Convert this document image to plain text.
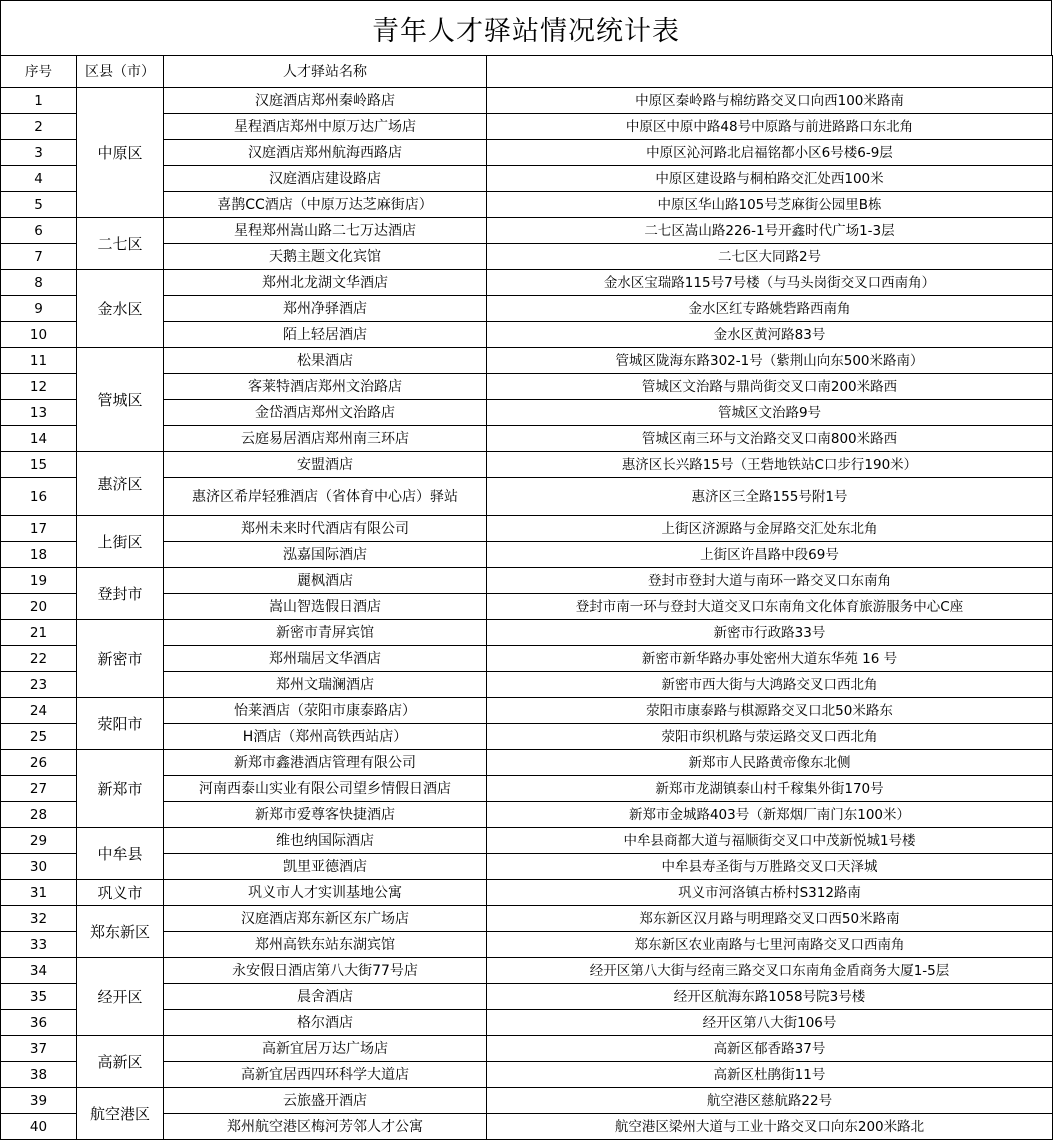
青年人才驿站情况统计表
序号	区县（市）	人才驿站名称	
1	中原区	汉庭酒店郑州秦岭路店	中原区秦岭路与棉纺路交叉口向西100米路南
2		星程酒店郑州中原万达广场店	中原区中原中路48号中原路与前进路路口东北角
3		汉庭酒店郑州航海西路店	中原区沁河路北启福铭都小区6号楼6-9层
4		汉庭酒店建设路店	中原区建设路与桐柏路交汇处西100米
5		喜鹊CC酒店（中原万达芝麻街店）	中原区华山路105号芝麻街公园里B栋
6	二七区	星程郑州嵩山路二七万达酒店	二七区嵩山路226-1号开鑫时代广场1-3层
7		天鹅主题文化宾馆	二七区大同路2号
8	金水区	郑州北龙湖文华酒店	金水区宝瑞路115号7号楼（与马头岗街交叉口西南角）
9		郑州净驿酒店	金水区红专路姚砦路西南角
10		陌上轻居酒店	金水区黄河路83号
11	管城区	松果酒店	管城区陇海东路302-1号（紫荆山向东500米路南）
12		客莱特酒店郑州文治路店	管城区文治路与鼎尚街交叉口南200米路西
13		金岱酒店郑州文治路店	管城区文治路9号
14		云庭易居酒店郑州南三环店	管城区南三环与文治路交叉口南800米路西
15	惠济区	安盟酒店	惠济区长兴路15号（王砦地铁站C口步行190米）
16		惠济区希岸轻雅酒店（省体育中心店）驿站	惠济区三全路155号附1号
17	上街区	郑州未来时代酒店有限公司	上街区济源路与金屏路交汇处东北角
18		泓嘉国际酒店	上街区许昌路中段69号
19	登封市	麗枫酒店	登封市登封大道与南环一路交叉口东南角
20		嵩山智选假日酒店	登封市南一环与登封大道交叉口东南角文化体育旅游服务中心C座
21	新密市	新密市青屏宾馆	新密市行政路33号
22		郑州瑞居文华酒店	新密市新华路办事处密州大道东华苑 16 号
23		郑州文瑞澜酒店	新密市西大街与大鸿路交叉口西北角
24	荥阳市	怡莱酒店（荥阳市康泰路店）	荥阳市康泰路与棋源路交叉口北50米路东
25		H酒店（郑州高铁西站店）	荥阳市织机路与荥运路交叉口西北角
26	新郑市	新郑市鑫港酒店管理有限公司	新郑市人民路黄帝像东北侧
27		河南西泰山实业有限公司望乡情假日酒店	新郑市龙湖镇泰山村千稼集外街170号
28		新郑市爱尊客快捷酒店	新郑市金城路403号（新郑烟厂南门东100米）
29	中牟县	维也纳国际酒店	中牟县商都大道与福顺街交叉口中茂新悦城1号楼
30		凯里亚德酒店	中牟县寿圣街与万胜路交叉口天泽城
31	巩义市	巩义市人才实训基地公寓	巩义市河洛镇古桥村S312路南
32	郑东新区	汉庭酒店郑东新区东广场店	郑东新区汉月路与明理路交叉口西50米路南
33		郑州高铁东站东湖宾馆	郑东新区农业南路与七里河南路交叉口西南角
34	经开区	永安假日酒店第八大街77号店	经开区第八大街与经南三路交叉口东南角金盾商务大厦1-5层
35		晨舍酒店	经开区航海东路1058号院3号楼
36		格尔酒店	经开区第八大街106号
37	高新区	高新宜居万达广场店	高新区郁香路37号
38		高新宜居西四环科学大道店	高新区杜鹃街11号
39	航空港区	云旅盛开酒店	航空港区慈航路22号
40		郑州航空港区梅河芳邻人才公寓	航空港区梁州大道与工业十路交叉口向东200米路北
